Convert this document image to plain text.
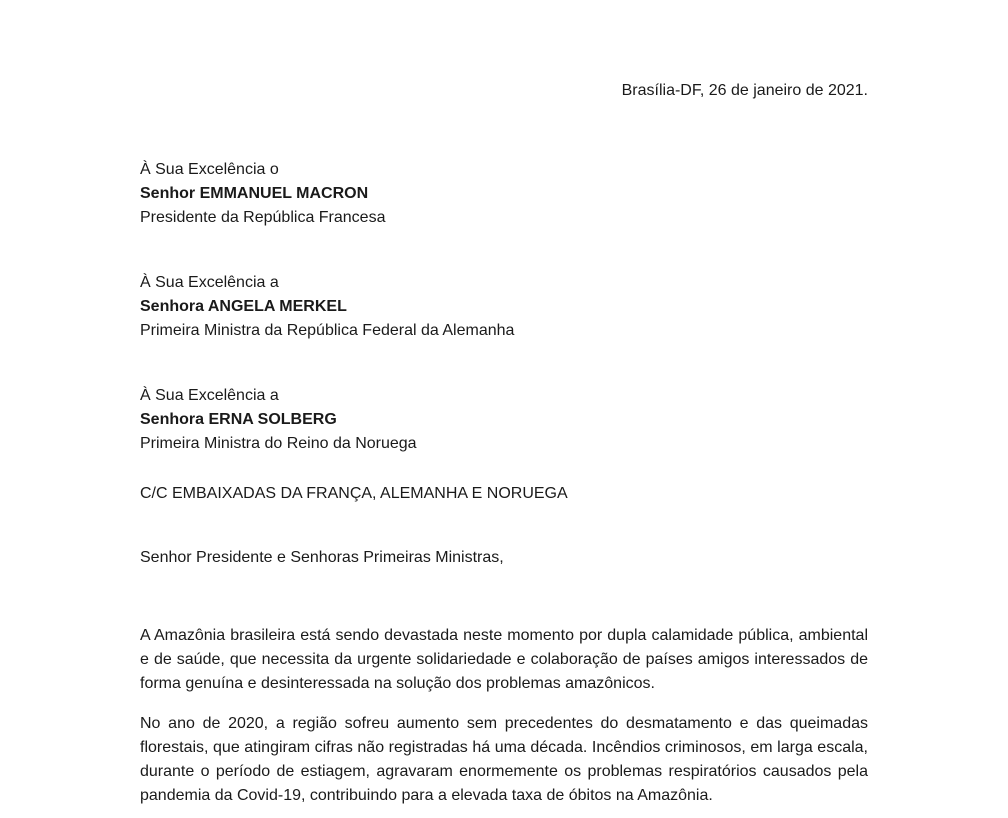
Brasília-DF, 26 de janeiro de 2021.
À Sua Excelência o
Senhor EMMANUEL MACRON
Presidente da República Francesa
À Sua Excelência a
Senhora ANGELA MERKEL
Primeira Ministra da República Federal da Alemanha
À Sua Excelência a
Senhora ERNA SOLBERG
Primeira Ministra do Reino da Noruega
C/C EMBAIXADAS DA FRANÇA, ALEMANHA E NORUEGA
Senhor Presidente e Senhoras Primeiras Ministras,

A Amazônia brasileira está sendo devastada neste momento por dupla calamidade pública, ambiental e de saúde, que necessita da urgente solidariedade e colaboração de países amigos interessados de forma genuína e desinteressada na solução dos problemas amazônicos.

No ano de 2020, a região sofreu aumento sem precedentes do desmatamento e das queimadas florestais, que atingiram cifras não registradas há uma década. Incêndios criminosos, em larga escala, durante o período de estiagem, agravaram enormemente os problemas respiratórios causados pela pandemia da Covid-19, contribuindo para a elevada taxa de óbitos na Amazônia.
